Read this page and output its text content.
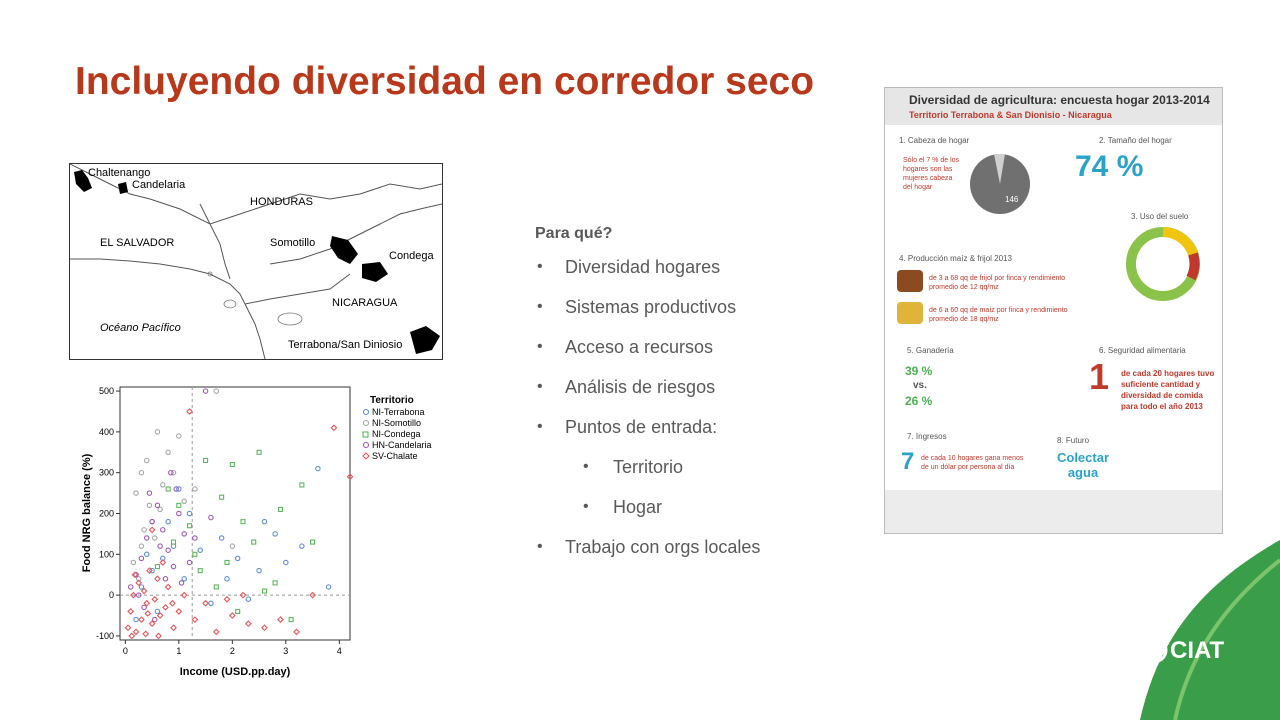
Incluyendo diversidad en corredor seco
Chaltenango
Candelaria
HONDURAS
EL SALVADOR	Somotillo
Condega
NICARAGUA
Océano Pacífico
Terrabona/San Diniosio
0	1	2	3	4
-100
0
100
200
300
400
500
Income (USD.pp.day)
Food NRG balance (%)
Territorio
NI-Terrabona
NI-Somotillo
NI-Condega
HN-Candelaria
SV-Chalate
Para qué?
• Diversidad hogares
• Sistemas productivos
• Acceso a recursos
• Análisis de riesgos
• Puntos de entrada:
• Territorio
• Hogar
• Trabajo con orgs locales
Diversidad de agricultura: encuesta hogar 2013-2014
Territorio Terrabona & San Dionisio - Nicaragua
1. Cabeza de hogar	2. Tamaño del hogar
146
Sólo el 7 % de los hogares son las mujeres cabeza del hogar
74 %
3. Uso del suelo
4. Producción maíz & frijol 2013
de 3 a 68 qq de frijol por finca y rendimiento promedio de 12 qq/mz
de 6 a 60 qq de maíz por finca y rendimiento promedio de 18 qq/mz
5. Ganadería
39 %
vs.
26 %
6. Seguridad alimentaria
1 de cada 20 hogares tuvo suficiente cantidad y diversidad de comida para todo el año 2013
7. Ingresos
7 de cada 10 hogares gana menos de un dólar por persona al día
8. Futuro
Colectar agua
CIAT
